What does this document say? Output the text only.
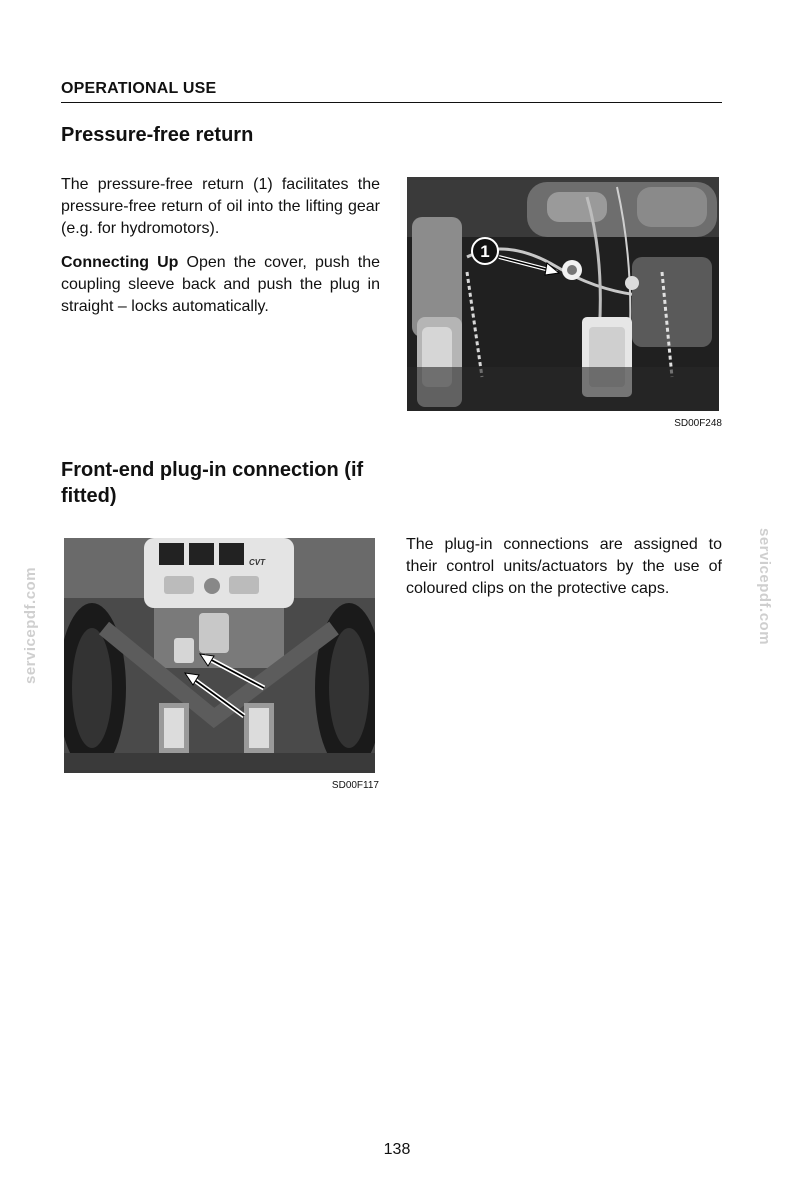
OPERATIONAL USE
Pressure-free return

The pressure-free return (1) facilitates the pressure-free return of oil into the lifting gear (e.g. for hydromotors).

Connecting Up Open the cover, push the coupling sleeve back and push the plug in straight – locks automatically.

1
SD00F248
Front-end plug-in connection (if fitted)
CVT
SD00F117

The plug-in connections are assigned to their control units/actuators by the use of coloured clips on the protective caps.

servicepdf.com	servicepdf.com
138
